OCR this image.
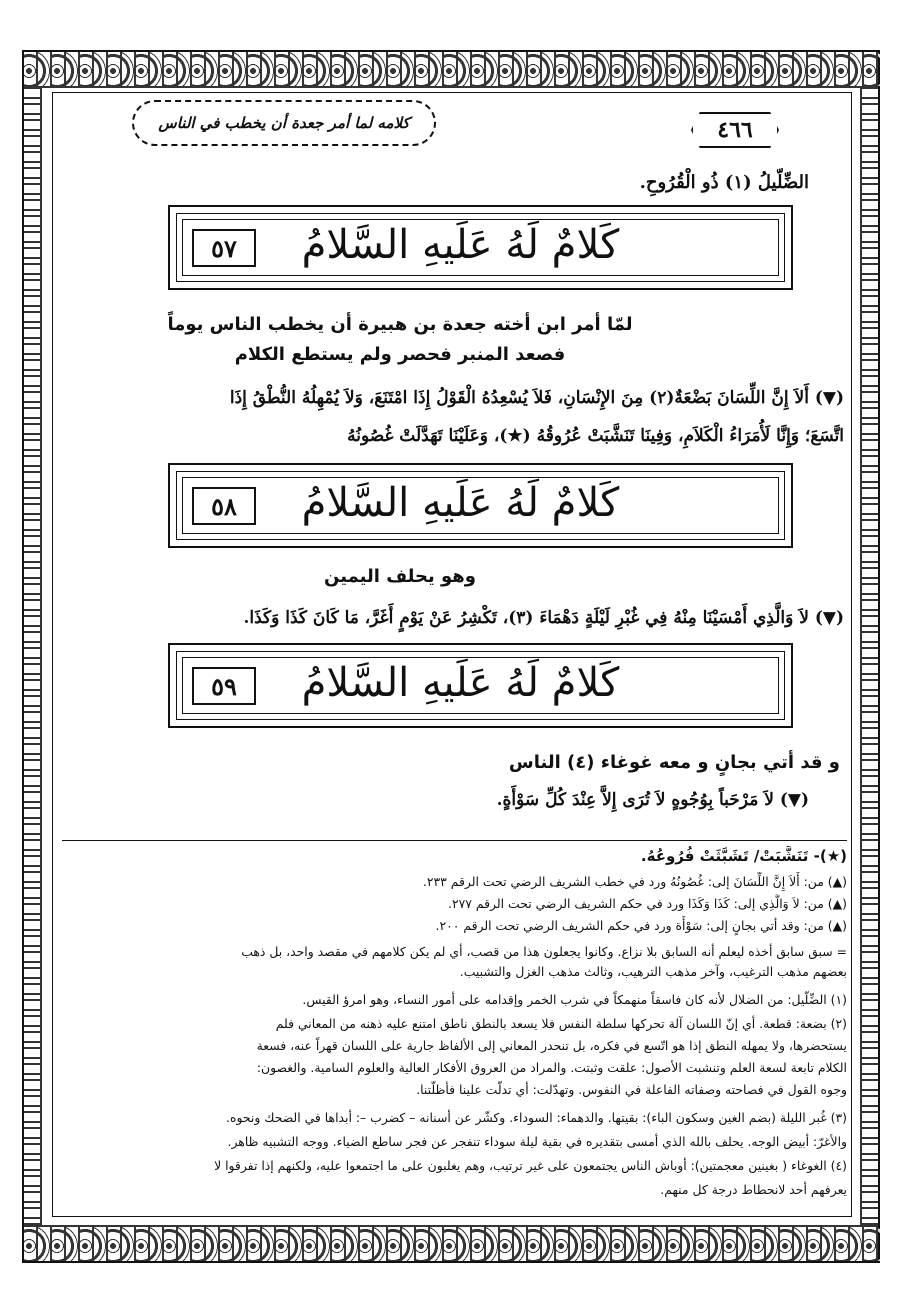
كلامه لما أمر جعدة أن يخطب في الناس	٤٦٦
الضِّلّيلُ (١) ذُو الْقُرُوحِ.
كَلامٌ لَهُ عَلَيهِ السَّلامُ
٥٧
لمّا أمر ابن أخته جعدة بن هبيرة أن يخطب الناس يوماً
فصعد المنبر فحصر ولم يستطع الكلام
(▼) أَلاَ إِنَّ اللِّسَانَ بَضْعَةٌ(٢) مِنَ الإِنْسَانِ، فَلاَ يُسْعِدُهُ الْقَوْلُ إِذَا امْتَنَعَ، وَلاَ يُمْهِلُهُ النُّطْقُ إِذَا
اتَّسَعَ؛ وَإِنَّا لَأُمَرَاءُ الْكَلاَمِ، وَفِينَا تَنَشَّبَتْ عُرُوقُهُ (★)، وَعَلَيْنَا تَهَدَّلَتْ غُصُونُهُ
كَلامٌ لَهُ عَلَيهِ السَّلامُ
٥٨
وهو يحلف اليمين
(▼) لاَ وَالَّذِي أَمْسَيْنَا مِنْهُ فِي غُبْرِ لَيْلَةٍ دَهْمَاءَ (٣)، تَكْشِرُ عَنْ يَوْمٍ أَغَرَّ، مَا كَانَ كَذَا وَكَذَا.
كَلامٌ لَهُ عَلَيهِ السَّلامُ
٥٩
و قد أتي بجانٍ و معه غوغاء (٤) الناس
(▼) لاَ مَرْحَباً بِوُجُوهٍ لاَ تُرَى إِلاَّ عِنْدَ كُلِّ سَوْأَةٍ.
(★)- تَنَشَّبَتْ/ تَشَبَّثَتْ فُرُوعُهُ.
(▲) من: أَلاَ إِنَّ اللِّسَانَ إلى: غُصُونُهُ ورد في خطب الشريف الرضي تحت الرقم ٢٣٣.
(▲) من: لاَ وَالَّذِي إلى: كَذَا وَكَذَا ورد في حكم الشريف الرضي تحت الرقم ٢٧٧.
(▲) من: وقد أتي بجانٍ إلى: سَوْأَة ورد في حكم الشريف الرضي تحت الرقم ٢٠٠.
= سبق سابق أخذه ليعلم أنه السابق بلا نزاع. وكانوا يجعلون هذا من قصب، أي لم يكن كلامهم في مقصد واحد، بل ذهب
بعضهم مذهب الترغيب، وآخر مذهب الترهيب، وثالث مذهب الغزل والتشبيب.
(١) الضِّلّيل: من الضلال لأنه كان فاسقاً منهمكاً في شرب الخمر وإقدامه على أمور النساء، وهو امرؤ القيس.
(٢) بضعة: قطعة. أي إنّ اللسان آلة تحركها سلطة النفس فلا يسعد بالنطق ناطق امتنع عليه ذهنه من المعاني فلم
يستحضرها، ولا يمهله النطق إذا هو اتّسع في فكره، بل تنحدر المعاني إلى الألفاظ جارية على اللسان قهراً عنه، فسعة
الكلام تابعة لسعة العلم وتنشبت الأصول: علقت وثبتت. والمراد من العروق الأفكار العالية والعلوم السامية. والغصون:
وجوه القول في فصاحته وصفاته الفاعلة في النفوس. وتهدّلت: أي تدلّت علينا فأظلّتنا.
(٣) غُبر الليلة (بضم الغين وسكون الباء): بقيتها. والدهماء: السوداء. وكشّر عن أسنانه – كضرب –: أبداها في الضحك ونحوه.
والأغرّ: أبيض الوجه. يحلف بالله الذي أمسى بتقديره في بقية ليلة سوداء تنفجر عن فجر ساطع الضياء. ووجه التشبيه ظاهر.
(٤) الغوغاء ( بغينين معجمتين): أوباش الناس يجتمعون على غير ترتيب، وهم يغلبون على ما اجتمعوا عليه، ولكنهم إذا تفرقوا لا
يعرفهم أحد لانحطاط درجة كل منهم.
